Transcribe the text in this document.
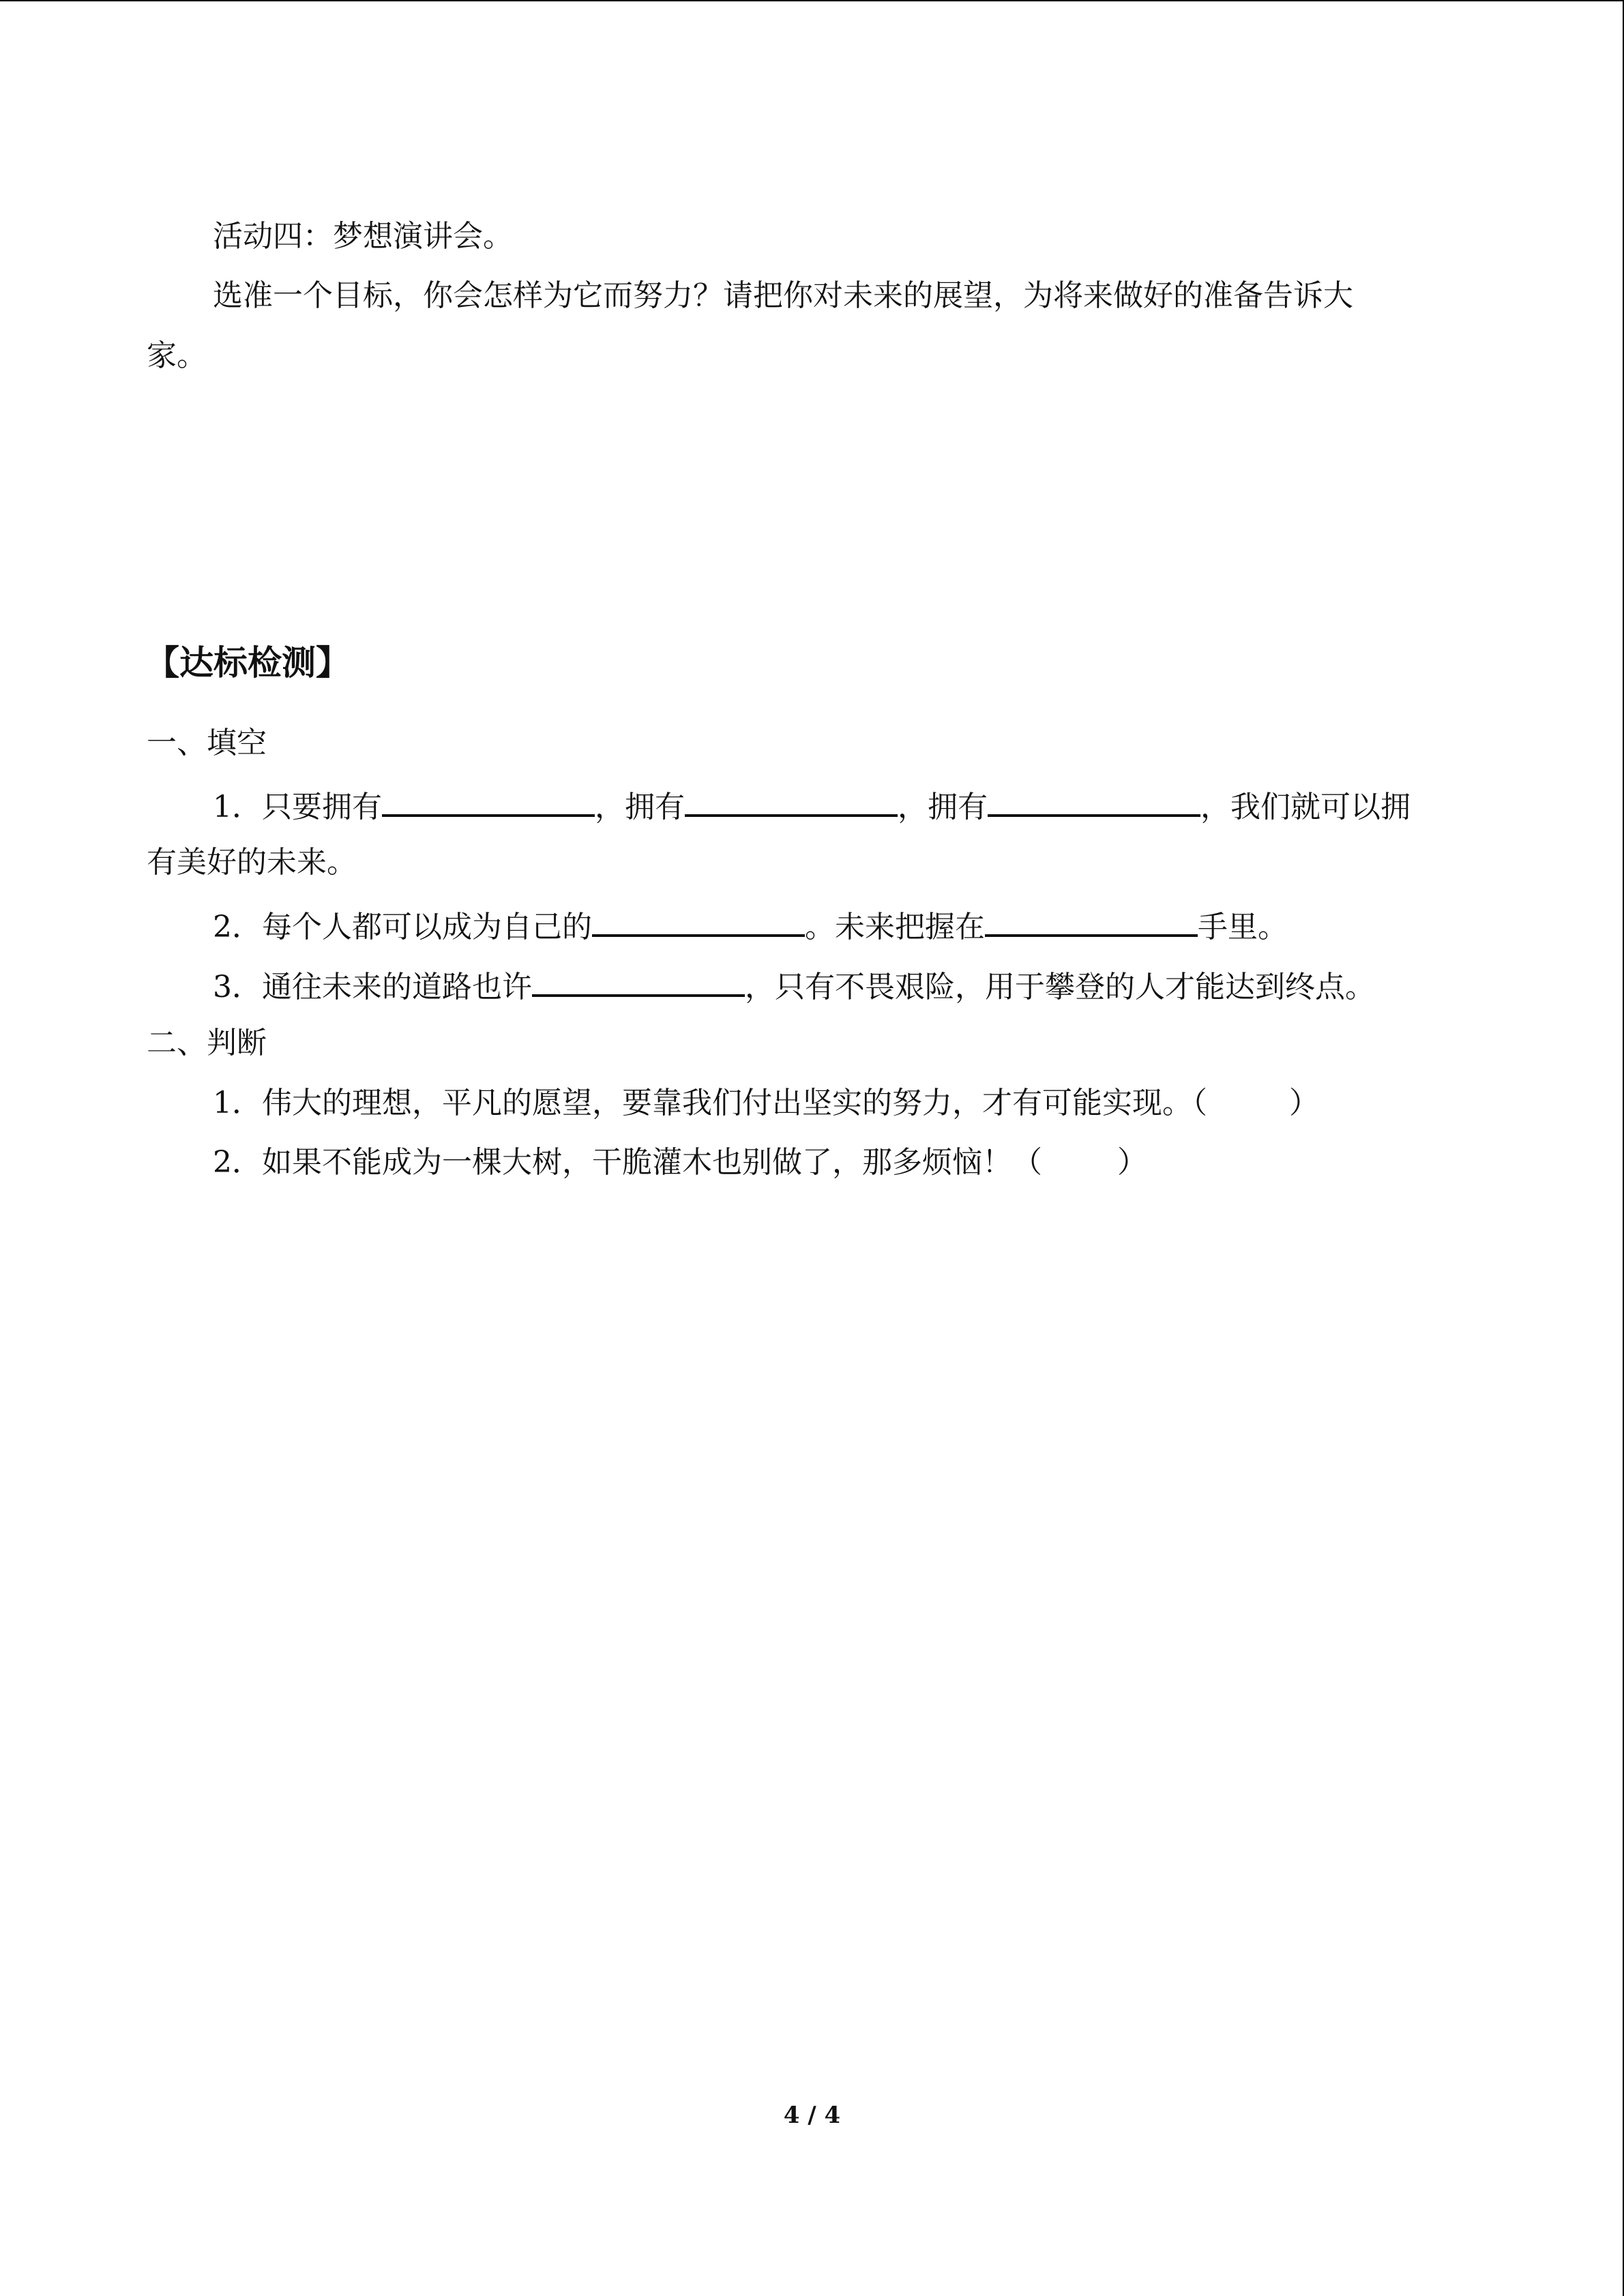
活动四：梦想演讲会。

选准一个目标，你会怎样为它而努力？请把你对未来的展望，为将来做好的准备告诉大

家。

【达标检测】

一、填空

1．只要拥有	，拥有	，拥有	，我们就可以拥

有美好的未来。

2．每个人都可以成为自己的	。未来把握在	手里。

3．通往未来的道路也许	，只有不畏艰险，用于攀登的人才能达到终点。

二、判断

1．伟大的理想，平凡的愿望，要靠我们付出坚实的努力，才有可能实现。（	）

2．如果不能成为一棵大树，干脆灌木也别做了，那多烦恼！（	）

4 / 4
